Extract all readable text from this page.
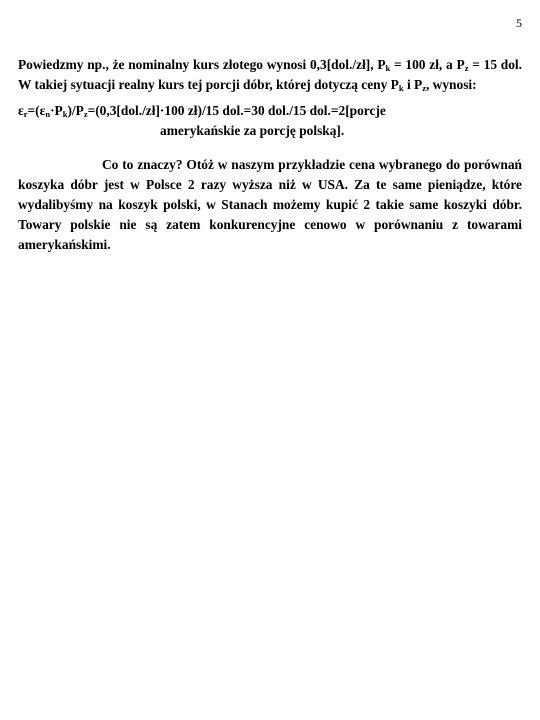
5

Powiedzmy np., że nominalny kurs złotego wynosi 0,3[dol./zł], $P_k = 100$ zł, a $P_z = 15$ dol. W takiej sytuacji realny kurs tej porcji dóbr, której dotyczą ceny $P_k$ i $P_z$, wynosi:

$\varepsilon_r=(\varepsilon_n\cdot P_k)/P_z=(0,3[dol./zł]\cdot 100$ zł)/15 dol.=30 dol./15 dol.=2[porcje
amerykańskie za porcję polską].

Co to znaczy? Otóż w naszym przykładzie cena wybranego do porównań koszyka dóbr jest w Polsce 2 razy wyższa niż w USA. Za te same pieniądze, które wydalibyśmy na koszyk polski, w Stanach możemy kupić 2 takie same koszyki dóbr. Towary polskie nie są zatem konkurencyjne cenowo w porównaniu z towarami amerykańskimi.
